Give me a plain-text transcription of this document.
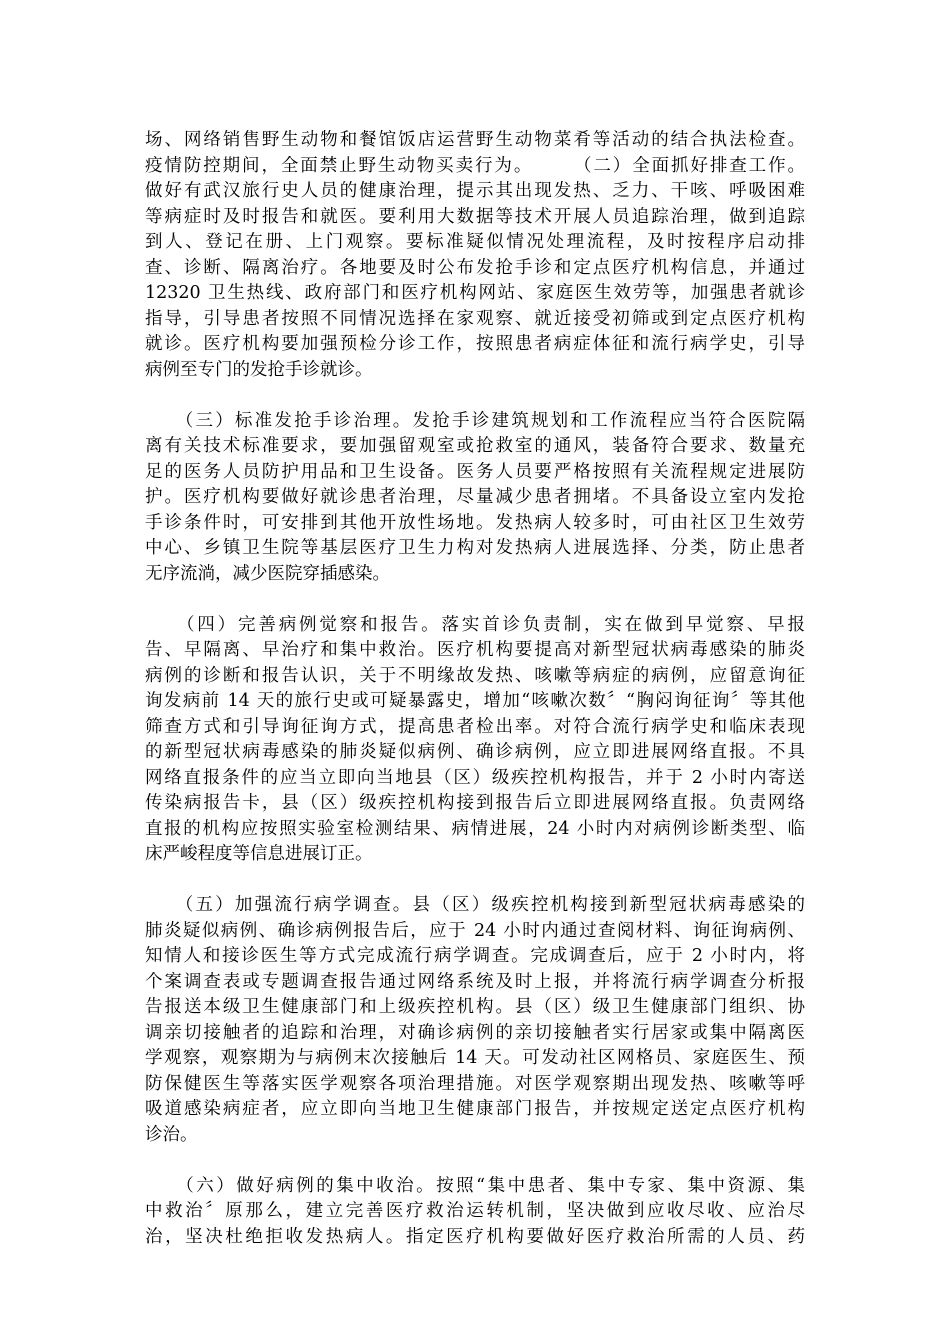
场、网络销售野生动物和餐馆饭店运营野生动物菜肴等活动的结合执法检查。
疫情防控期间，全面禁止野生动物买卖行为。　　　（二）全面抓好排查工作。
做好有武汉旅行史人员的健康治理，提示其出现发热、乏力、干咳、呼吸困难
等病症时及时报告和就医。要利用大数据等技术开展人员追踪治理，做到追踪
到人、登记在册、上门观察。要标准疑似情况处理流程，及时按程序启动排
查、诊断、隔离治疗。各地要及时公布发抢手诊和定点医疗机构信息，并通过
12320 卫生热线、政府部门和医疗机构网站、家庭医生效劳等，加强患者就诊
指导，引导患者按照不同情况选择在家观察、就近接受初筛或到定点医疗机构
就诊。医疗机构要加强预检分诊工作，按照患者病症体征和流行病学史，引导
病例至专门的发抢手诊就诊。
　　（三）标准发抢手诊治理。发抢手诊建筑规划和工作流程应当符合医院隔
离有关技术标准要求，要加强留观室或抢救室的通风，装备符合要求、数量充
足的医务人员防护用品和卫生设备。医务人员要严格按照有关流程规定进展防
护。医疗机构要做好就诊患者治理，尽量减少患者拥堵。不具备设立室内发抢
手诊条件时，可安排到其他开放性场地。发热病人较多时，可由社区卫生效劳
中心、乡镇卫生院等基层医疗卫生力构对发热病人进展选择、分类，防止患者
无序流淌，减少医院穿插感染。
　　（四）完善病例觉察和报告。落实首诊负责制，实在做到早觉察、早报
告、早隔离、早治疗和集中救治。医疗机构要提高对新型冠状病毒感染的肺炎
病例的诊断和报告认识，关于不明缘故发热、咳嗽等病症的病例，应留意询征
询发病前 14 天的旅行史或可疑暴露史，增加“咳嗽次数〞“胸闷询征询〞等其他
筛查方式和引导询征询方式，提高患者检出率。对符合流行病学史和临床表现
的新型冠状病毒感染的肺炎疑似病例、确诊病例，应立即进展网络直报。不具
网络直报条件的应当立即向当地县（区）级疾控机构报告，并于 2 小时内寄送
传染病报告卡，县（区）级疾控机构接到报告后立即进展网络直报。负责网络
直报的机构应按照实验室检测结果、病情进展，24 小时内对病例诊断类型、临
床严峻程度等信息进展订正。
　　（五）加强流行病学调查。县（区）级疾控机构接到新型冠状病毒感染的
肺炎疑似病例、确诊病例报告后，应于 24 小时内通过查阅材料、询征询病例、
知情人和接诊医生等方式完成流行病学调查。完成调查后，应于 2 小时内，将
个案调查表或专题调查报告通过网络系统及时上报，并将流行病学调查分析报
告报送本级卫生健康部门和上级疾控机构。县（区）级卫生健康部门组织、协
调亲切接触者的追踪和治理，对确诊病例的亲切接触者实行居家或集中隔离医
学观察，观察期为与病例末次接触后 14 天。可发动社区网格员、家庭医生、预
防保健医生等落实医学观察各项治理措施。对医学观察期出现发热、咳嗽等呼
吸道感染病症者，应立即向当地卫生健康部门报告，并按规定送定点医疗机构
诊治。
　　（六）做好病例的集中收治。按照“集中患者、集中专家、集中资源、集
中救治〞原那么，建立完善医疗救治运转机制，坚决做到应收尽收、应治尽
治，坚决杜绝拒收发热病人。指定医疗机构要做好医疗救治所需的人员、药
